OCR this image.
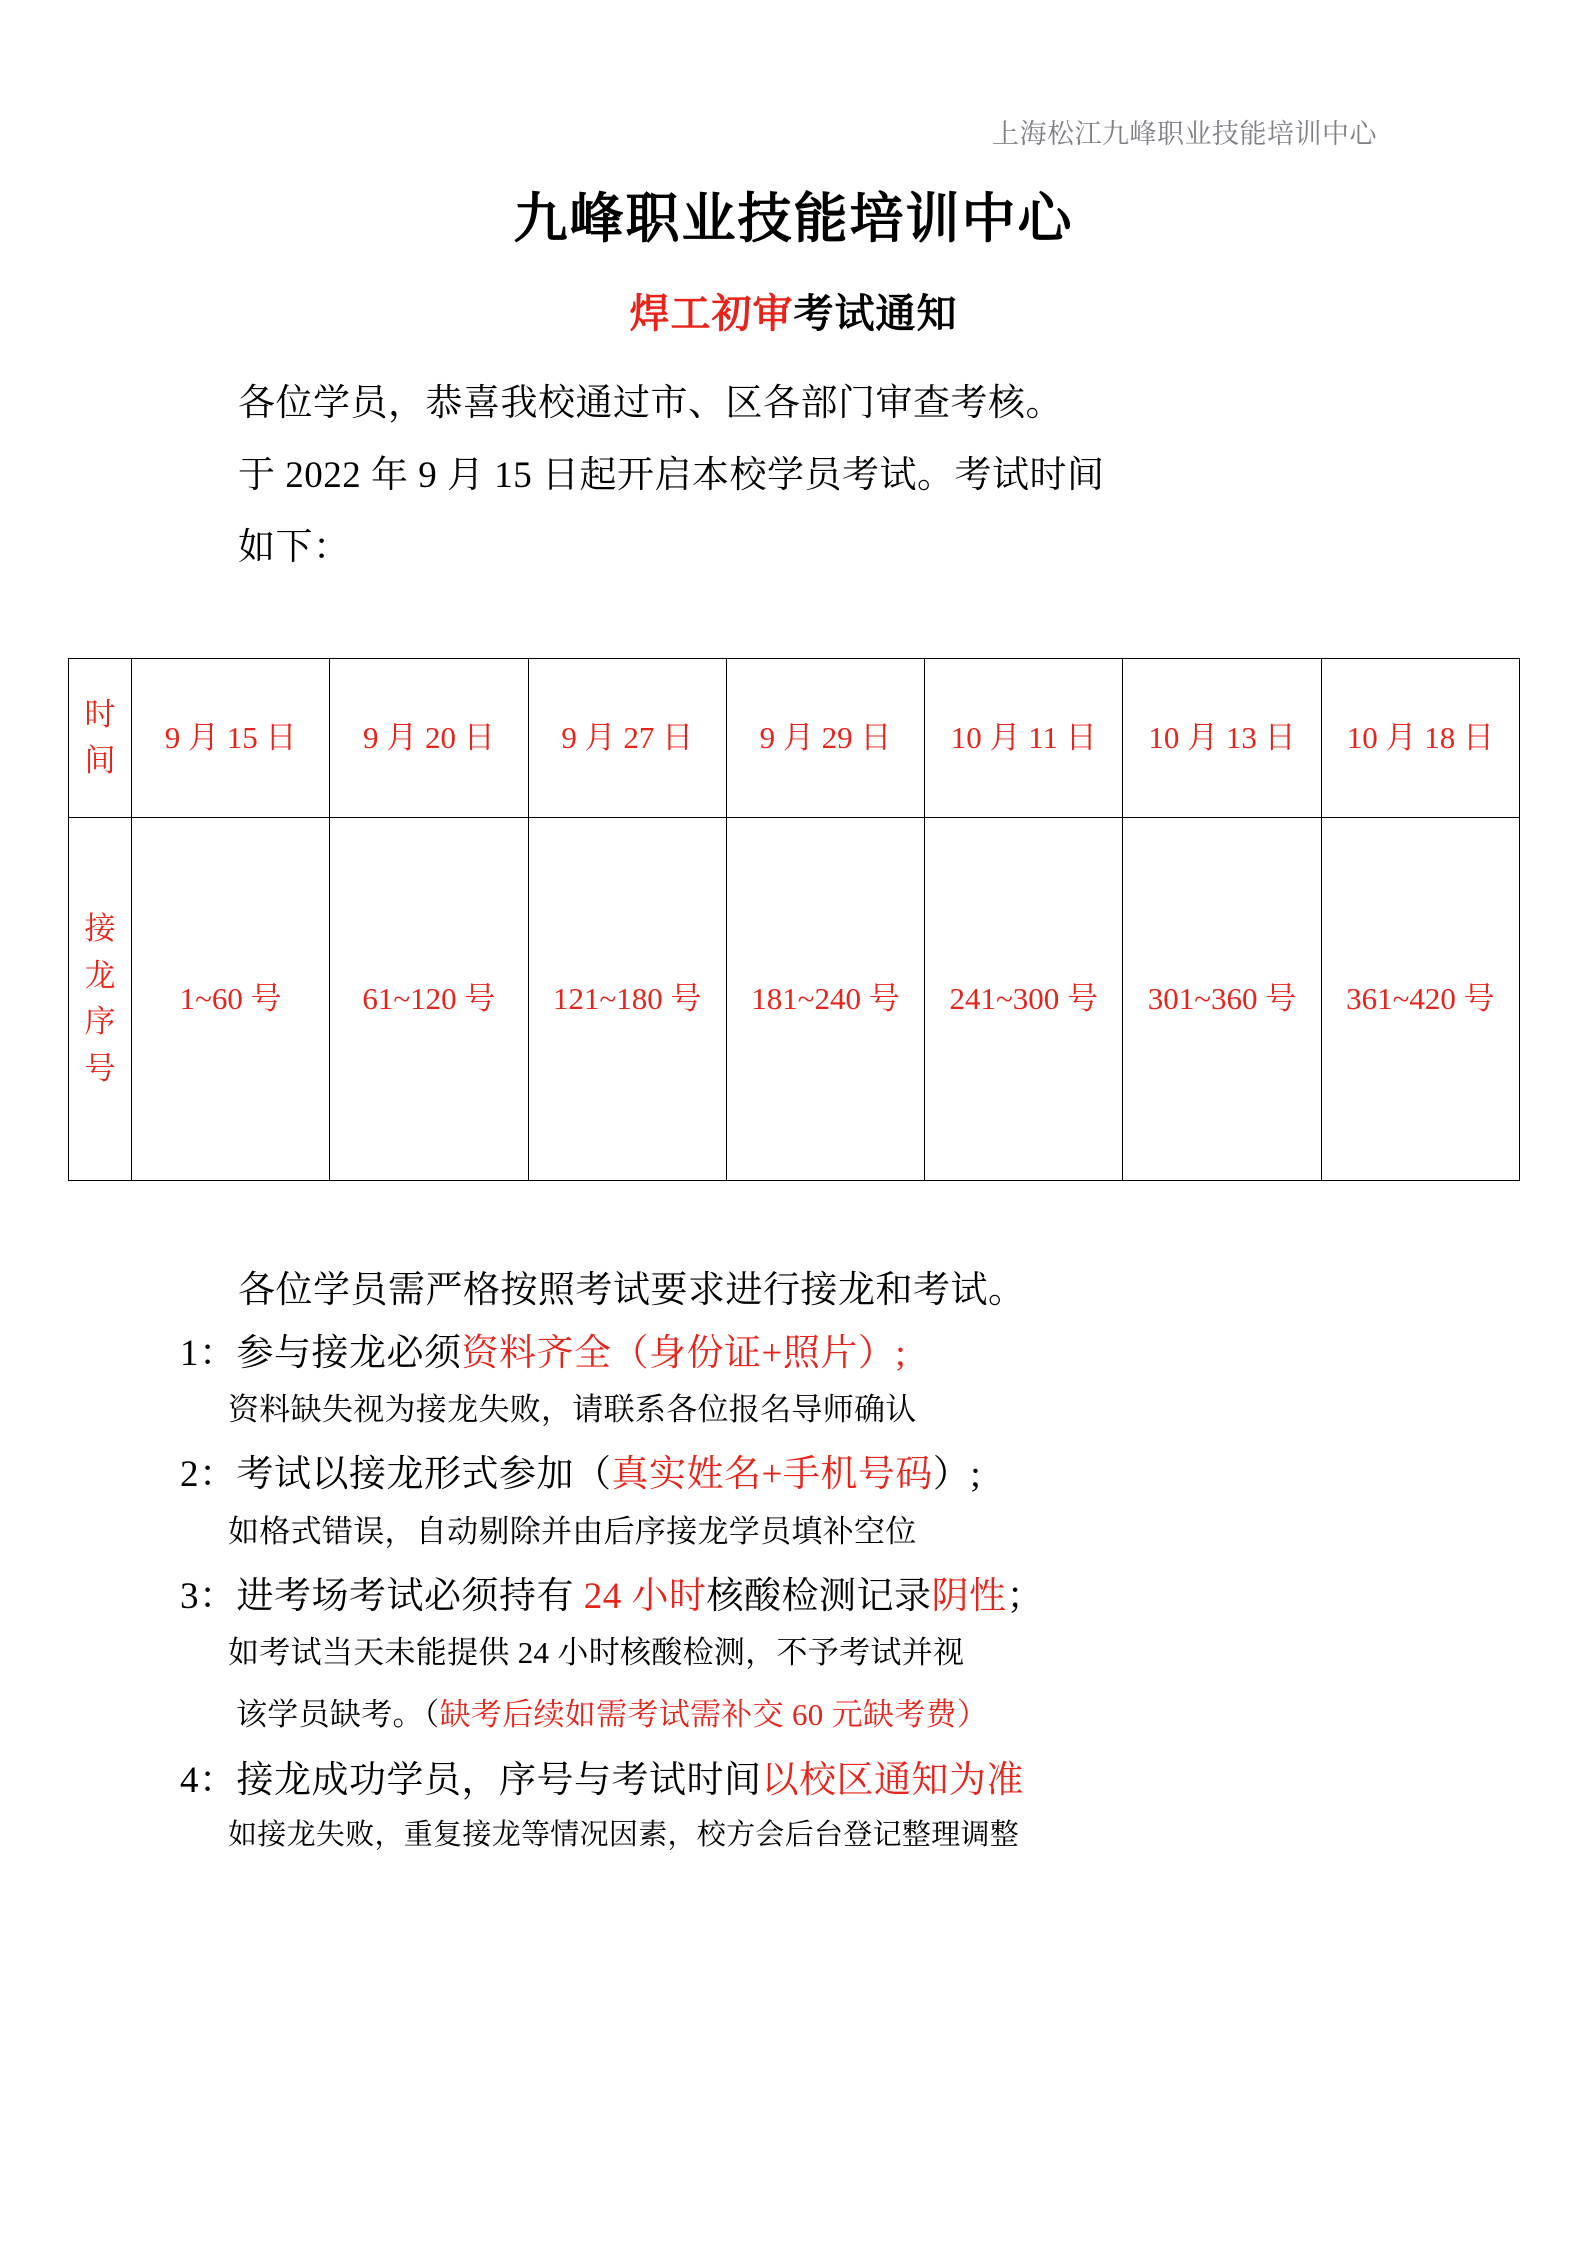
上海松江九峰职业技能培训中心
九峰职业技能培训中心
焊工初审考试通知
各位学员，恭喜我校通过市、区各部门审查考核。
于 2022 年 9 月 15 日起开启本校学员考试。考试时间
如下：
时
间	9 月 15 日	9 月 20 日	9 月 27 日	9 月 29 日	10 月 11 日	10 月 13 日	10 月 18 日

接
龙
序
号	1~60 号	61~120 号	121~180 号	181~240 号	241~300 号	301~360 号	361~420 号
各位学员需严格按照考试要求进行接龙和考试。
1：参与接龙必须资料齐全（身份证+照片）;
资料缺失视为接龙失败，请联系各位报名导师确认
2：考试以接龙形式参加（真实姓名+手机号码）;
如格式错误，自动剔除并由后序接龙学员填补空位
3：进考场考试必须持有 24 小时核酸检测记录阴性；
如考试当天未能提供 24 小时核酸检测，不予考试并视
该学员缺考。（缺考后续如需考试需补交 60 元缺考费）
4：接龙成功学员，序号与考试时间以校区通知为准
如接龙失败，重复接龙等情况因素，校方会后台登记整理调整
